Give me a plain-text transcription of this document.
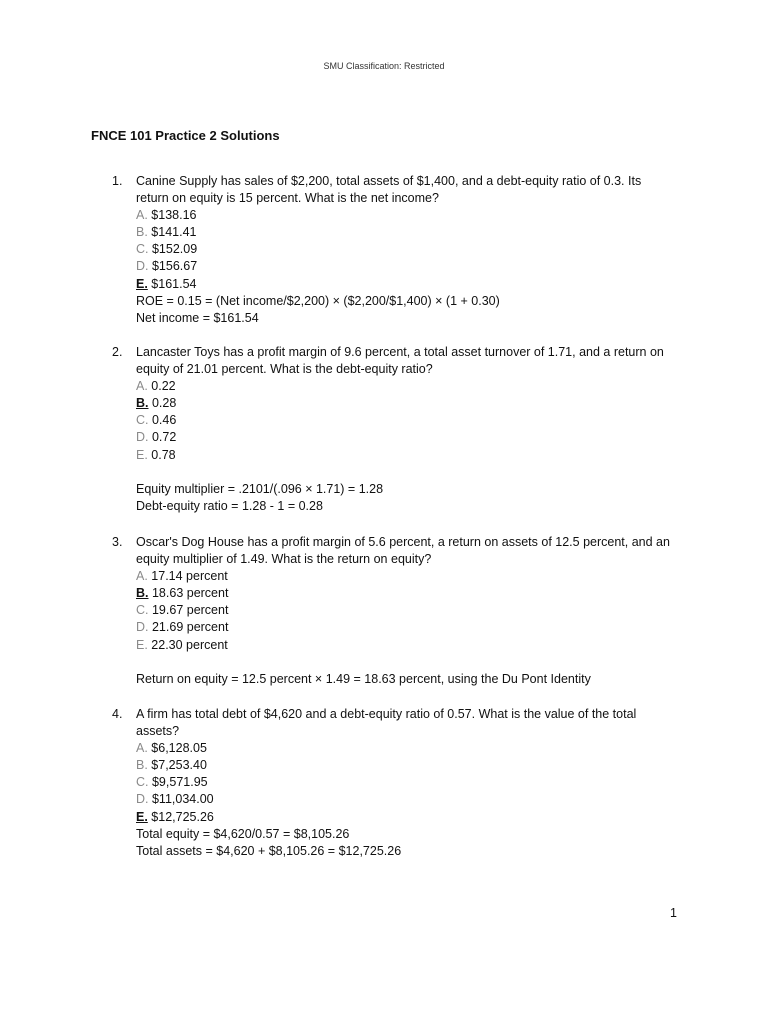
SMU Classification: Restricted
FNCE 101 Practice 2 Solutions
1. Canine Supply has sales of $2,200, total assets of $1,400, and a debt-equity ratio of 0.3. Its
return on equity is 15 percent. What is the net income?
A. $138.16
B. $141.41
C. $152.09
D. $156.67
E. $161.54
ROE = 0.15 = (Net income/$2,200) × ($2,200/$1,400) × (1 + 0.30)
Net income = $161.54
2. Lancaster Toys has a profit margin of 9.6 percent, a total asset turnover of 1.71, and a return on
equity of 21.01 percent. What is the debt-equity ratio?
A. 0.22
B. 0.28
C. 0.46
D. 0.72
E. 0.78
Equity multiplier = .2101/(.096 × 1.71) = 1.28
Debt-equity ratio = 1.28 - 1 = 0.28
3. Oscar's Dog House has a profit margin of 5.6 percent, a return on assets of 12.5 percent, and an
equity multiplier of 1.49. What is the return on equity?
A. 17.14 percent
B. 18.63 percent
C. 19.67 percent
D. 21.69 percent
E. 22.30 percent
Return on equity = 12.5 percent × 1.49 = 18.63 percent, using the Du Pont Identity
4. A firm has total debt of $4,620 and a debt-equity ratio of 0.57. What is the value of the total
assets?
A. $6,128.05
B. $7,253.40
C. $9,571.95
D. $11,034.00
E. $12,725.26
Total equity = $4,620/0.57 = $8,105.26
Total assets = $4,620 + $8,105.26 = $12,725.26
1
